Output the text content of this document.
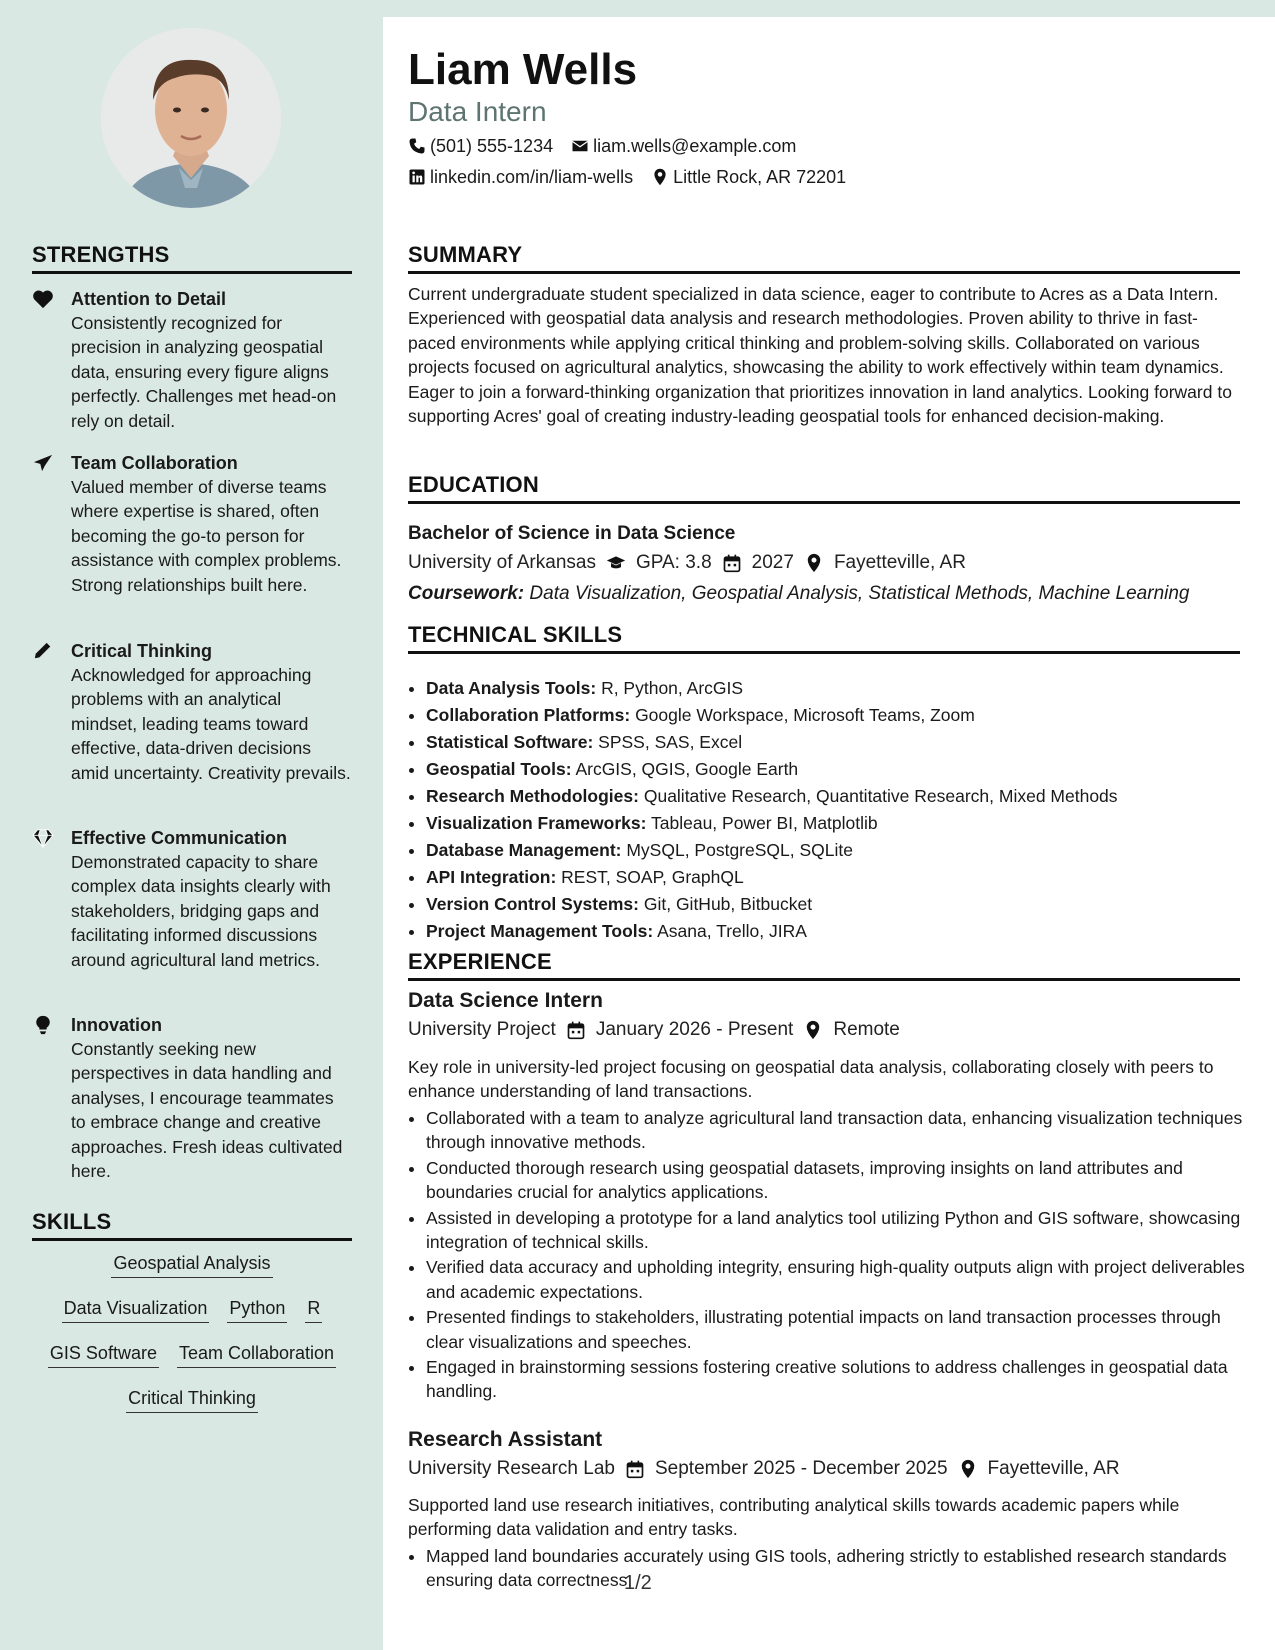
STRENGTHS
Attention to Detail
Consistently recognized for precision in analyzing geospatial data, ensuring every figure aligns perfectly. Challenges met head-on rely on detail.
Team Collaboration
Valued member of diverse teams where expertise is shared, often becoming the go-to person for assistance with complex problems. Strong relationships built here.
Critical Thinking
Acknowledged for approaching problems with an analytical mindset, leading teams toward effective, data-driven decisions amid uncertainty. Creativity prevails.
Effective Communication
Demonstrated capacity to share complex data insights clearly with stakeholders, bridging gaps and facilitating informed discussions around agricultural land metrics.
Innovation
Constantly seeking new perspectives in data handling and analyses, I encourage teammates to embrace change and creative approaches. Fresh ideas cultivated here.
SKILLS
Geospatial Analysis
Data Visualization Python R
GIS Software Team Collaboration
Critical Thinking
Liam Wells
Data Intern
(501) 555-1234 liam.wells@example.com
linkedin.com/in/liam-wells Little Rock, AR 72201
SUMMARY
Current undergraduate student specialized in data science, eager to contribute to Acres as a Data Intern. Experienced with geospatial data analysis and research methodologies. Proven ability to thrive in fast-paced environments while applying critical thinking and problem-solving skills. Collaborated on various projects focused on agricultural analytics, showcasing the ability to work effectively within team dynamics. Eager to join a forward-thinking organization that prioritizes innovation in land analytics. Looking forward to supporting Acres' goal of creating industry-leading geospatial tools for enhanced decision-making.
EDUCATION
Bachelor of Science in Data Science
University of Arkansas GPA: 3.8 2027 Fayetteville, AR
Coursework: Data Visualization, Geospatial Analysis, Statistical Methods, Machine Learning
TECHNICAL SKILLS
• Data Analysis Tools: R, Python, ArcGIS
• Collaboration Platforms: Google Workspace, Microsoft Teams, Zoom
• Statistical Software: SPSS, SAS, Excel
• Geospatial Tools: ArcGIS, QGIS, Google Earth
• Research Methodologies: Qualitative Research, Quantitative Research, Mixed Methods
• Visualization Frameworks: Tableau, Power BI, Matplotlib
• Database Management: MySQL, PostgreSQL, SQLite
• API Integration: REST, SOAP, GraphQL
• Version Control Systems: Git, GitHub, Bitbucket
• Project Management Tools: Asana, Trello, JIRA
EXPERIENCE
Data Science Intern
University Project January 2026 - Present Remote
Key role in university-led project focusing on geospatial data analysis, collaborating closely with peers to enhance understanding of land transactions.
• Collaborated with a team to analyze agricultural land transaction data, enhancing visualization techniques through innovative methods.
• Conducted thorough research using geospatial datasets, improving insights on land attributes and boundaries crucial for analytics applications.
• Assisted in developing a prototype for a land analytics tool utilizing Python and GIS software, showcasing integration of technical skills.
• Verified data accuracy and upholding integrity, ensuring high-quality outputs align with project deliverables and academic expectations.
• Presented findings to stakeholders, illustrating potential impacts on land transaction processes through clear visualizations and speeches.
• Engaged in brainstorming sessions fostering creative solutions to address challenges in geospatial data handling.
Research Assistant
University Research Lab September 2025 - December 2025 Fayetteville, AR
Supported land use research initiatives, contributing analytical skills towards academic papers while performing data validation and entry tasks.
• Mapped land boundaries accurately using GIS tools, adhering strictly to established research standards ensuring data correctness.
1/2
